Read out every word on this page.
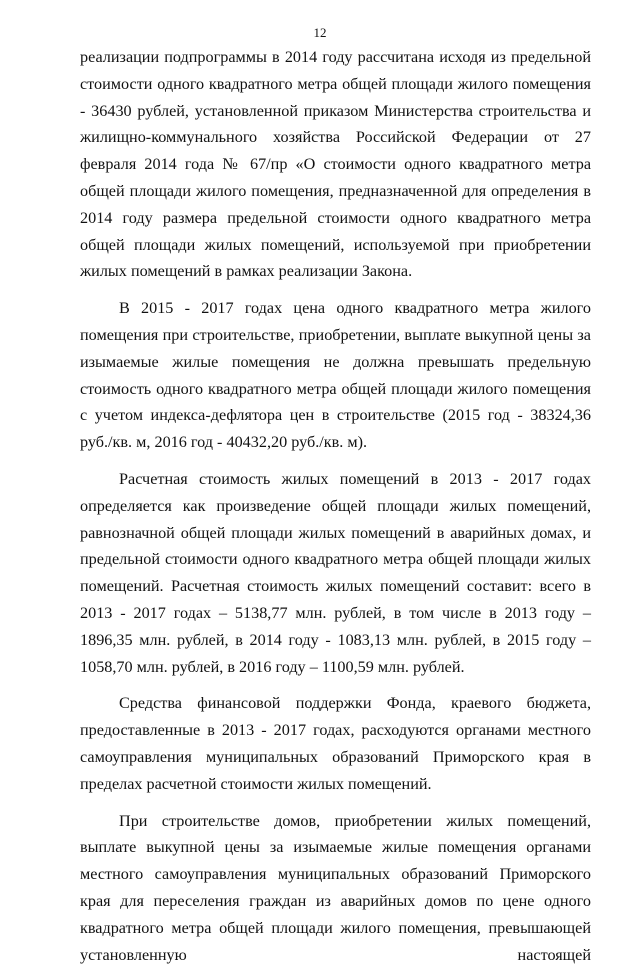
12

реализации подпрограммы в 2014 году рассчитана исходя из предельной стоимости одного квадратного метра общей площади жилого помещения - 36430 рублей, установленной приказом Министерства строительства и жилищно-коммунального хозяйства Российской Федерации от 27 февраля 2014 года № 67/пр «О стоимости одного квадратного метра общей площади жилого помещения, предназначенной для определения в 2014 году размера предельной стоимости одного квадратного метра общей площади жилых помещений, используемой при приобретении жилых помещений в рамках реализации Закона.

В 2015 - 2017 годах цена одного квадратного метра жилого помещения при строительстве, приобретении, выплате выкупной цены за изымаемые жилые помещения не должна превышать предельную стоимость одного квадратного метра общей площади жилого помещения с учетом индекса-дефлятора цен в строительстве (2015 год - 38324,36 руб./кв. м, 2016 год - 40432,20 руб./кв. м).

Расчетная стоимость жилых помещений в 2013 - 2017 годах определяется как произведение общей площади жилых помещений, равнозначной общей площади жилых помещений в аварийных домах, и предельной стоимости одного квадратного метра общей площади жилых помещений. Расчетная стоимость жилых помещений составит: всего в 2013 - 2017 годах – 5138,77 млн. рублей, в том числе в 2013 году – 1896,35 млн. рублей, в 2014 году - 1083,13 млн. рублей, в 2015 году – 1058,70 млн. рублей, в 2016 году – 1100,59 млн. рублей.

Средства финансовой поддержки Фонда, краевого бюджета, предоставленные в 2013 - 2017 годах, расходуются органами местного самоуправления муниципальных образований Приморского края в пределах расчетной стоимости жилых помещений.

При строительстве домов, приобретении жилых помещений, выплате выкупной цены за изымаемые жилые помещения органами местного самоуправления муниципальных образований Приморского края для переселения граждан из аварийных домов по цене одного квадратного метра общей площади жилого помещения, превышающей установленную настоящей
